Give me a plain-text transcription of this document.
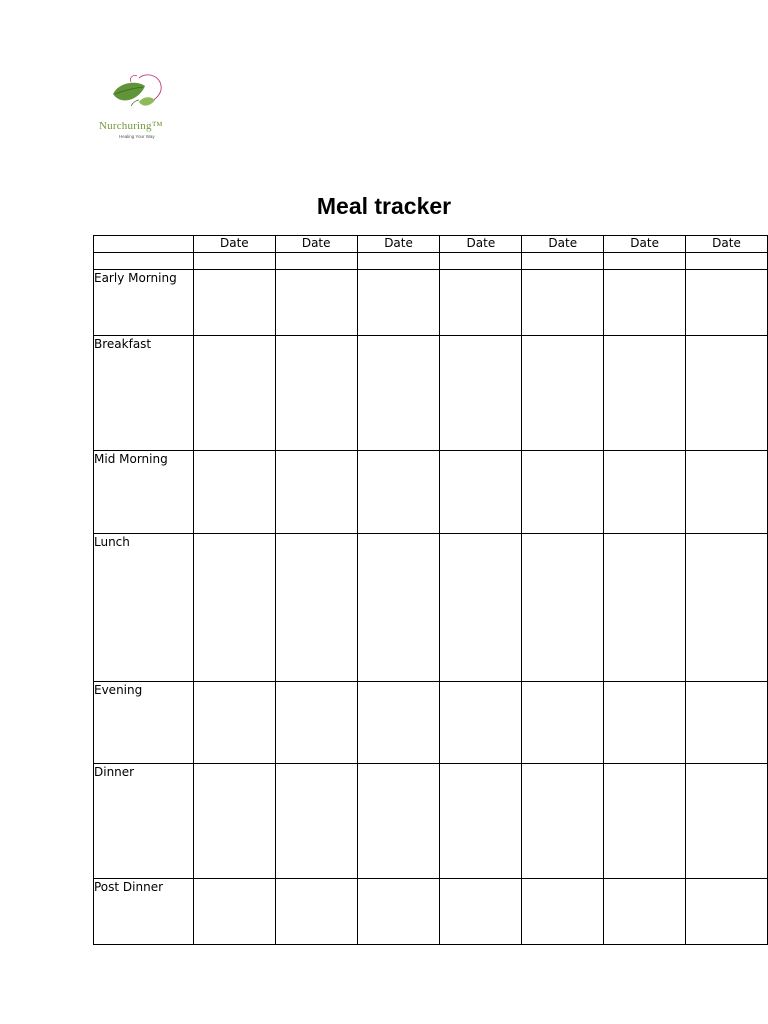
Nurchuring™
Healing Your Way
Meal tracker
	Date	Date	Date	Date	Date	Date	Date

Early Morning							
Breakfast							
Mid Morning							
Lunch							
Evening							
Dinner							
Post Dinner							
